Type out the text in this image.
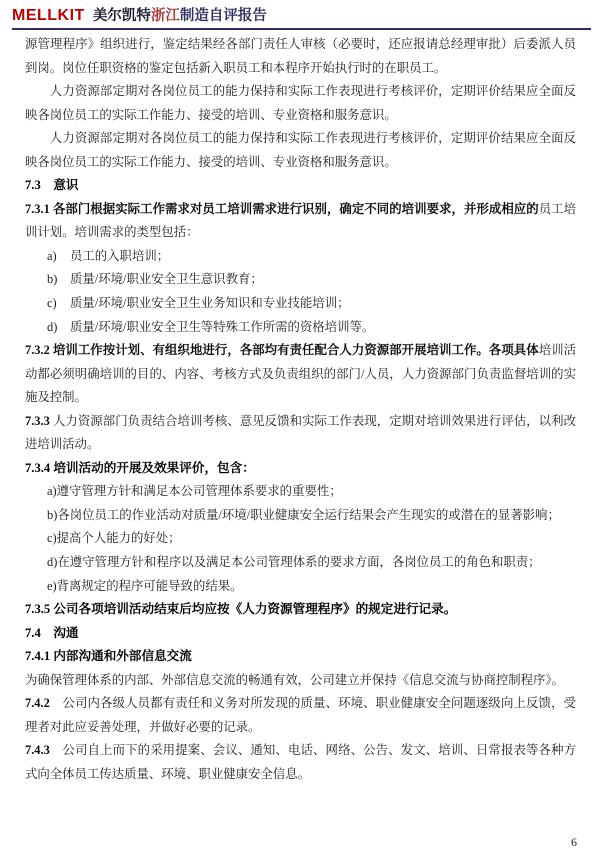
MELLKIT 美尔凯特浙江制造自评报告

源管理程序》组织进行，鉴定结果经各部门责任人审核（必要时，还应报请总经理审批）后委派人员到岗。岗位任职资格的鉴定包括新入职员工和本程序开始执行时的在职员工。

人力资源部定期对各岗位员工的能力保持和实际工作表现进行考核评价，定期评价结果应全面反映各岗位员工的实际工作能力、接受的培训、专业资格和服务意识。

人力资源部定期对各岗位员工的能力保持和实际工作表现进行考核评价，定期评价结果应全面反映各岗位员工的实际工作能力、接受的培训、专业资格和服务意识。

7.3　意识

7.3.1 各部门根据实际工作需求对员工培训需求进行识别，确定不同的培训要求，并形成相应的员工培训计划。培训需求的类型包括：

a)	员工的入职培训；
b)	质量/环境/职业安全卫生意识教育；
c)	质量/环境/职业安全卫生业务知识和专业技能培训；
d)	质量/环境/职业安全卫生等特殊工作所需的资格培训等。

7.3.2 培训工作按计划、有组织地进行，各部均有责任配合人力资源部开展培训工作。各项具体培训活动都必须明确培训的目的、内容、考核方式及负责组织的部门/人员，人力资源部门负责监督培训的实施及控制。

7.3.3 人力资源部门负责结合培训考核、意见反馈和实际工作表现，定期对培训效果进行评估，以利改进培训活动。

7.3.4 培训活动的开展及效果评价，包含：
a)遵守管理方针和满足本公司管理体系要求的重要性；
b)各岗位员工的作业活动对质量/环境/职业健康安全运行结果会产生现实的或潜在的显著影响；
c)提高个人能力的好处；
d)在遵守管理方针和程序以及满足本公司管理体系的要求方面，各岗位员工的角色和职责；
e)背离规定的程序可能导致的结果。
7.3.5 公司各项培训活动结束后均应按《人力资源管理程序》的规定进行记录。
7.4　沟通
7.4.1 内部沟通和外部信息交流

为确保管理体系的内部、外部信息交流的畅通有效，公司建立并保持《信息交流与协商控制程序》。

7.4.2　公司内各级人员都有责任和义务对所发现的质量、环境、职业健康安全问题逐级向上反馈，受理者对此应妥善处理，并做好必要的记录。

7.4.3　公司自上而下的采用提案、会议、通知、电话、网络、公告、发文、培训、日常报表等各种方式向全体员工传达质量、环境、职业健康安全信息。

6
